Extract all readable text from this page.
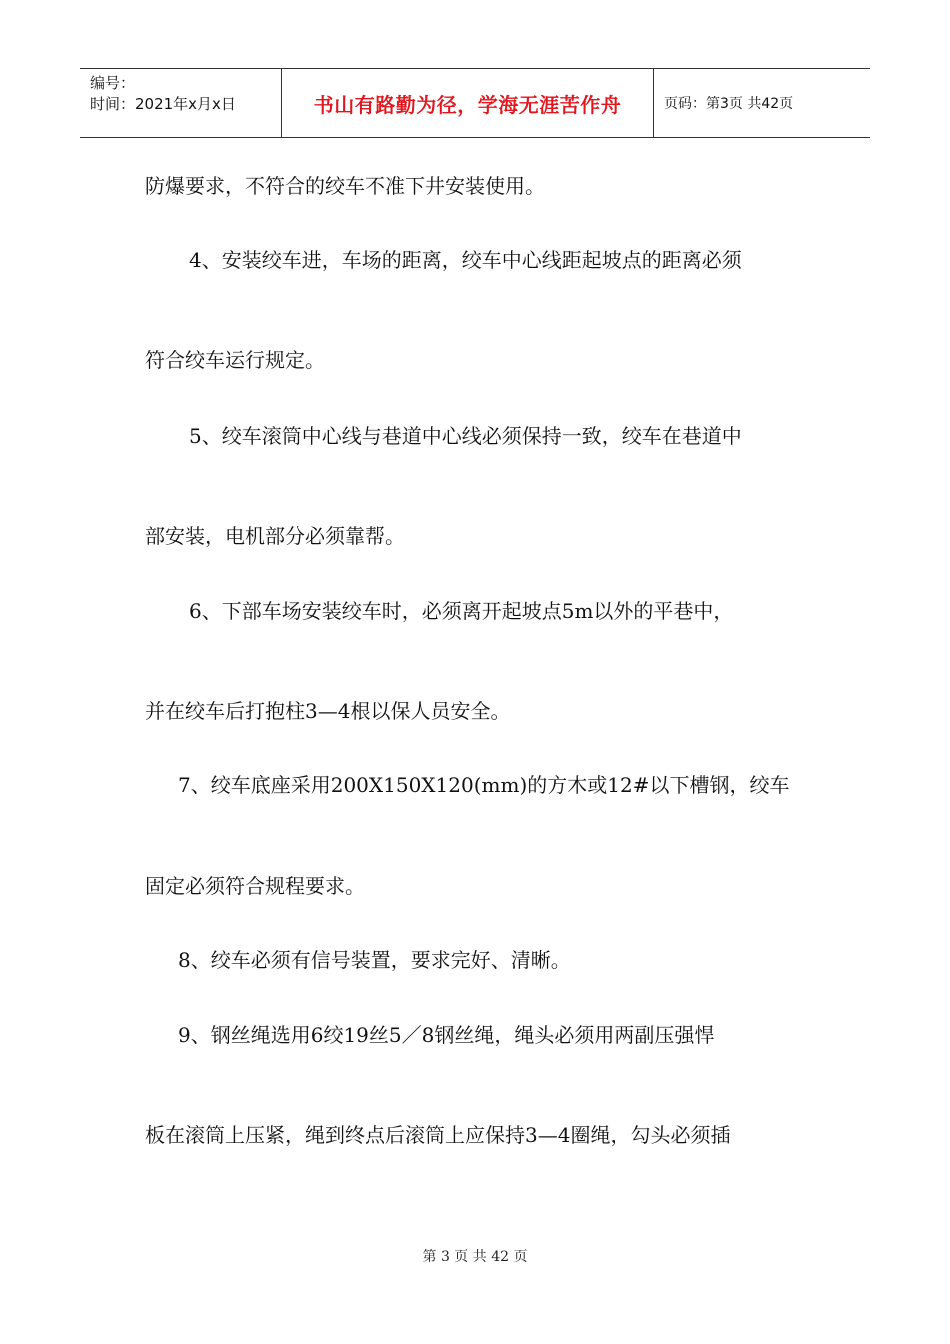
编号：
时间：2021年x月x日	书山有路勤为径，学海无涯苦作舟	页码：第3页 共42页
防爆要求，不符合的绞车不准下井安装使用。
4、安装绞车进，车场的距离，绞车中心线距起坡点的距离必须
符合绞车运行规定。
5、绞车滚筒中心线与巷道中心线必须保持一致，绞车在巷道中
部安装，电机部分必须靠帮。
6、下部车场安装绞车时，必须离开起坡点5m以外的平巷中，
并在绞车后打抱柱3—4根以保人员安全。
7、绞车底座采用200X150X120(mm)的方木或12#以下槽钢，绞车
固定必须符合规程要求。
8、绞车必须有信号装置，要求完好、清晰。
9、钢丝绳选用6绞19丝5／8钢丝绳，绳头必须用两副压强悍
板在滚筒上压紧，绳到终点后滚筒上应保持3—4圈绳，勾头必须插
第 3 页 共 42 页
